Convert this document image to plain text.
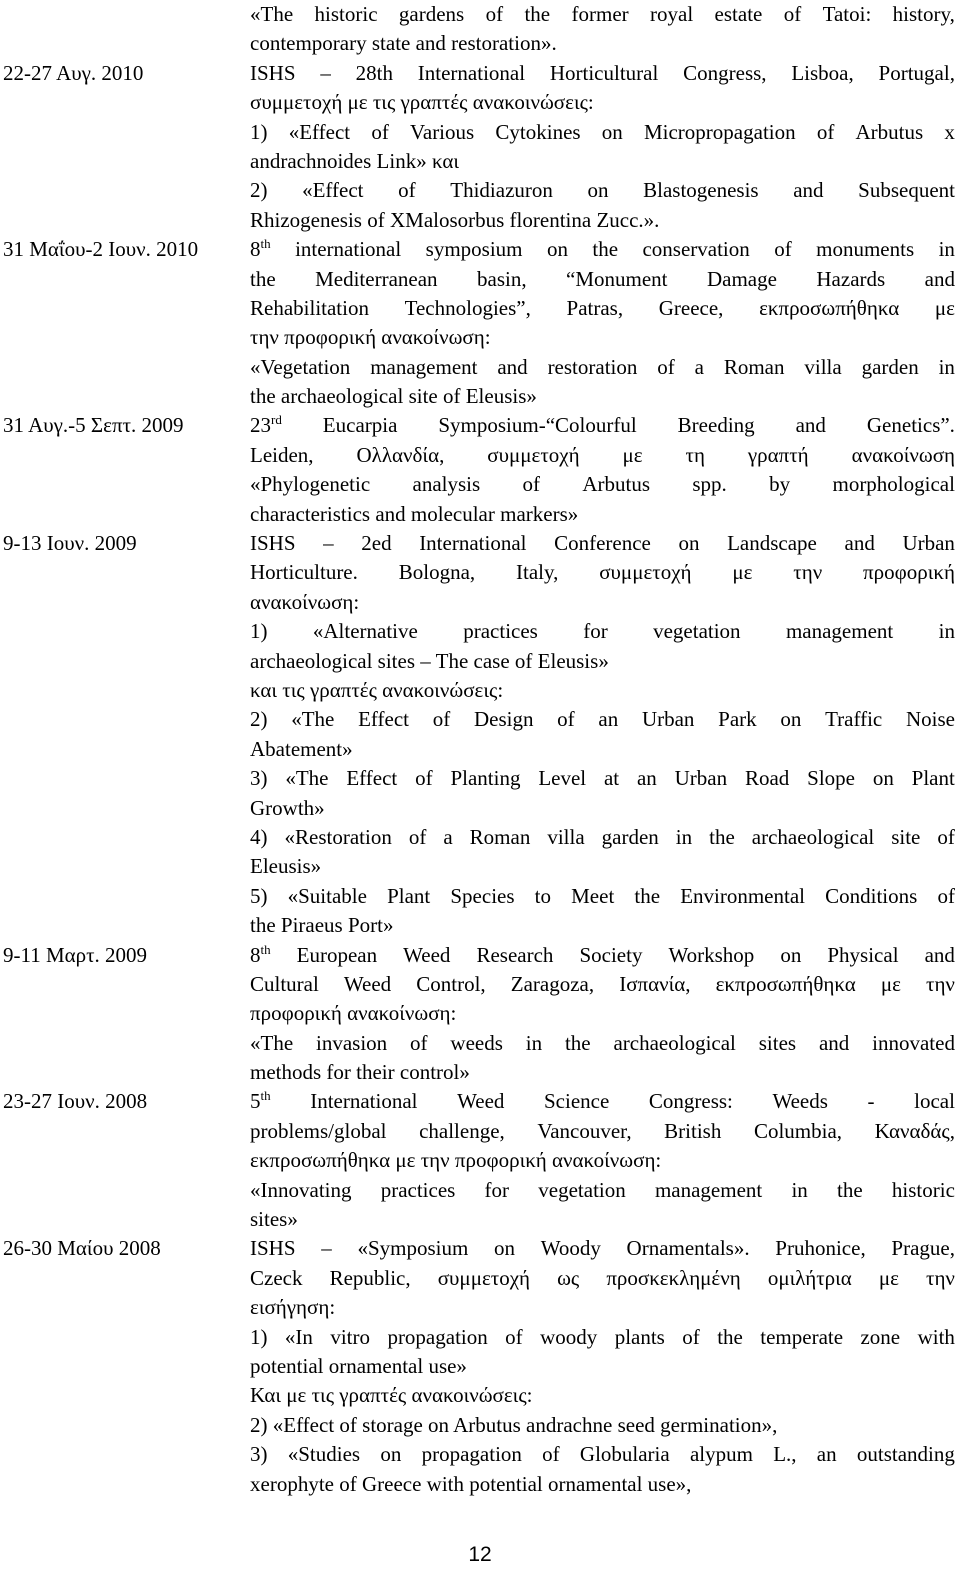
«The historic gardens of the former royal estate of Tatoi: history,
contemporary state and restoration».
22-27 Αυγ. 2010	ISHS – 28th International Horticultural Congress, Lisboa, Portugal,
συμμετοχή με τις γραπτές ανακοινώσεις:
1) «Effect of Various Cytokines on Micropropagation of Arbutus x
andrachnoides Link» και
2) «Effect of Thidiazuron on Blastogenesis and Subsequent
Rhizogenesis of XMalosorbus florentina Zucc.».
31 Μαΐου-2 Ιουν. 2010	8th international symposium on the conservation of monuments in
the Mediterranean basin, “Monument Damage Hazards and
Rehabilitation Technologies”, Patras, Greece, εκπροσωπήθηκα με
την προφορική ανακοίνωση:
«Vegetation management and restoration of a Roman villa garden in
the archaeological site of Eleusis»
31 Αυγ.-5 Σεπτ. 2009	23rd Eucarpia Symposium-“Colourful Breeding and Genetics”.
Leiden, Ολλανδία, συμμετοχή με τη γραπτή ανακοίνωση
«Phylogenetic analysis of Arbutus spp. by morphological
characteristics and molecular markers»
9-13 Ιουν. 2009	ISHS – 2ed International Conference on Landscape and Urban
Horticulture. Bologna, Italy, συμμετοχή με την προφορική
ανακοίνωση:
1) «Alternative practices for vegetation management in
archaeological sites – The case of Eleusis»
και τις γραπτές ανακοινώσεις:
2) «The Effect of Design of an Urban Park on Traffic Noise
Abatement»
3) «The Effect of Planting Level at an Urban Road Slope on Plant
Growth»
4) «Restoration of a Roman villa garden in the archaeological site of
Eleusis»
5) «Suitable Plant Species to Meet the Environmental Conditions of
the Piraeus Port»
9-11 Μαρτ. 2009	8th European Weed Research Society Workshop on Physical and
Cultural Weed Control, Zaragoza, Ισπανία, εκπροσωπήθηκα με την
προφορική ανακοίνωση:
«The invasion of weeds in the archaeological sites and innovated
methods for their control»
23-27 Ιουν. 2008	5th International Weed Science Congress: Weeds - local
problems/global challenge, Vancouver, British Columbia, Καναδάς,
εκπροσωπήθηκα με την προφορική ανακοίνωση:
«Innovating practices for vegetation management in the historic
sites»
26-30 Μαίου 2008	ISHS – «Symposium on Woody Ornamentals». Pruhonice, Prague,
Czeck Republic, συμμετοχή ως προσκεκλημένη ομιλήτρια με την
εισήγηση:
1) «In vitro propagation of woody plants of the temperate zone with
potential ornamental use»
Και με τις γραπτές ανακοινώσεις:
2) «Effect of storage on Arbutus andrachne seed germination»,
3) «Studies on propagation of Globularia alypum L., an outstanding
xerophyte of Greece with potential ornamental use»,
12
